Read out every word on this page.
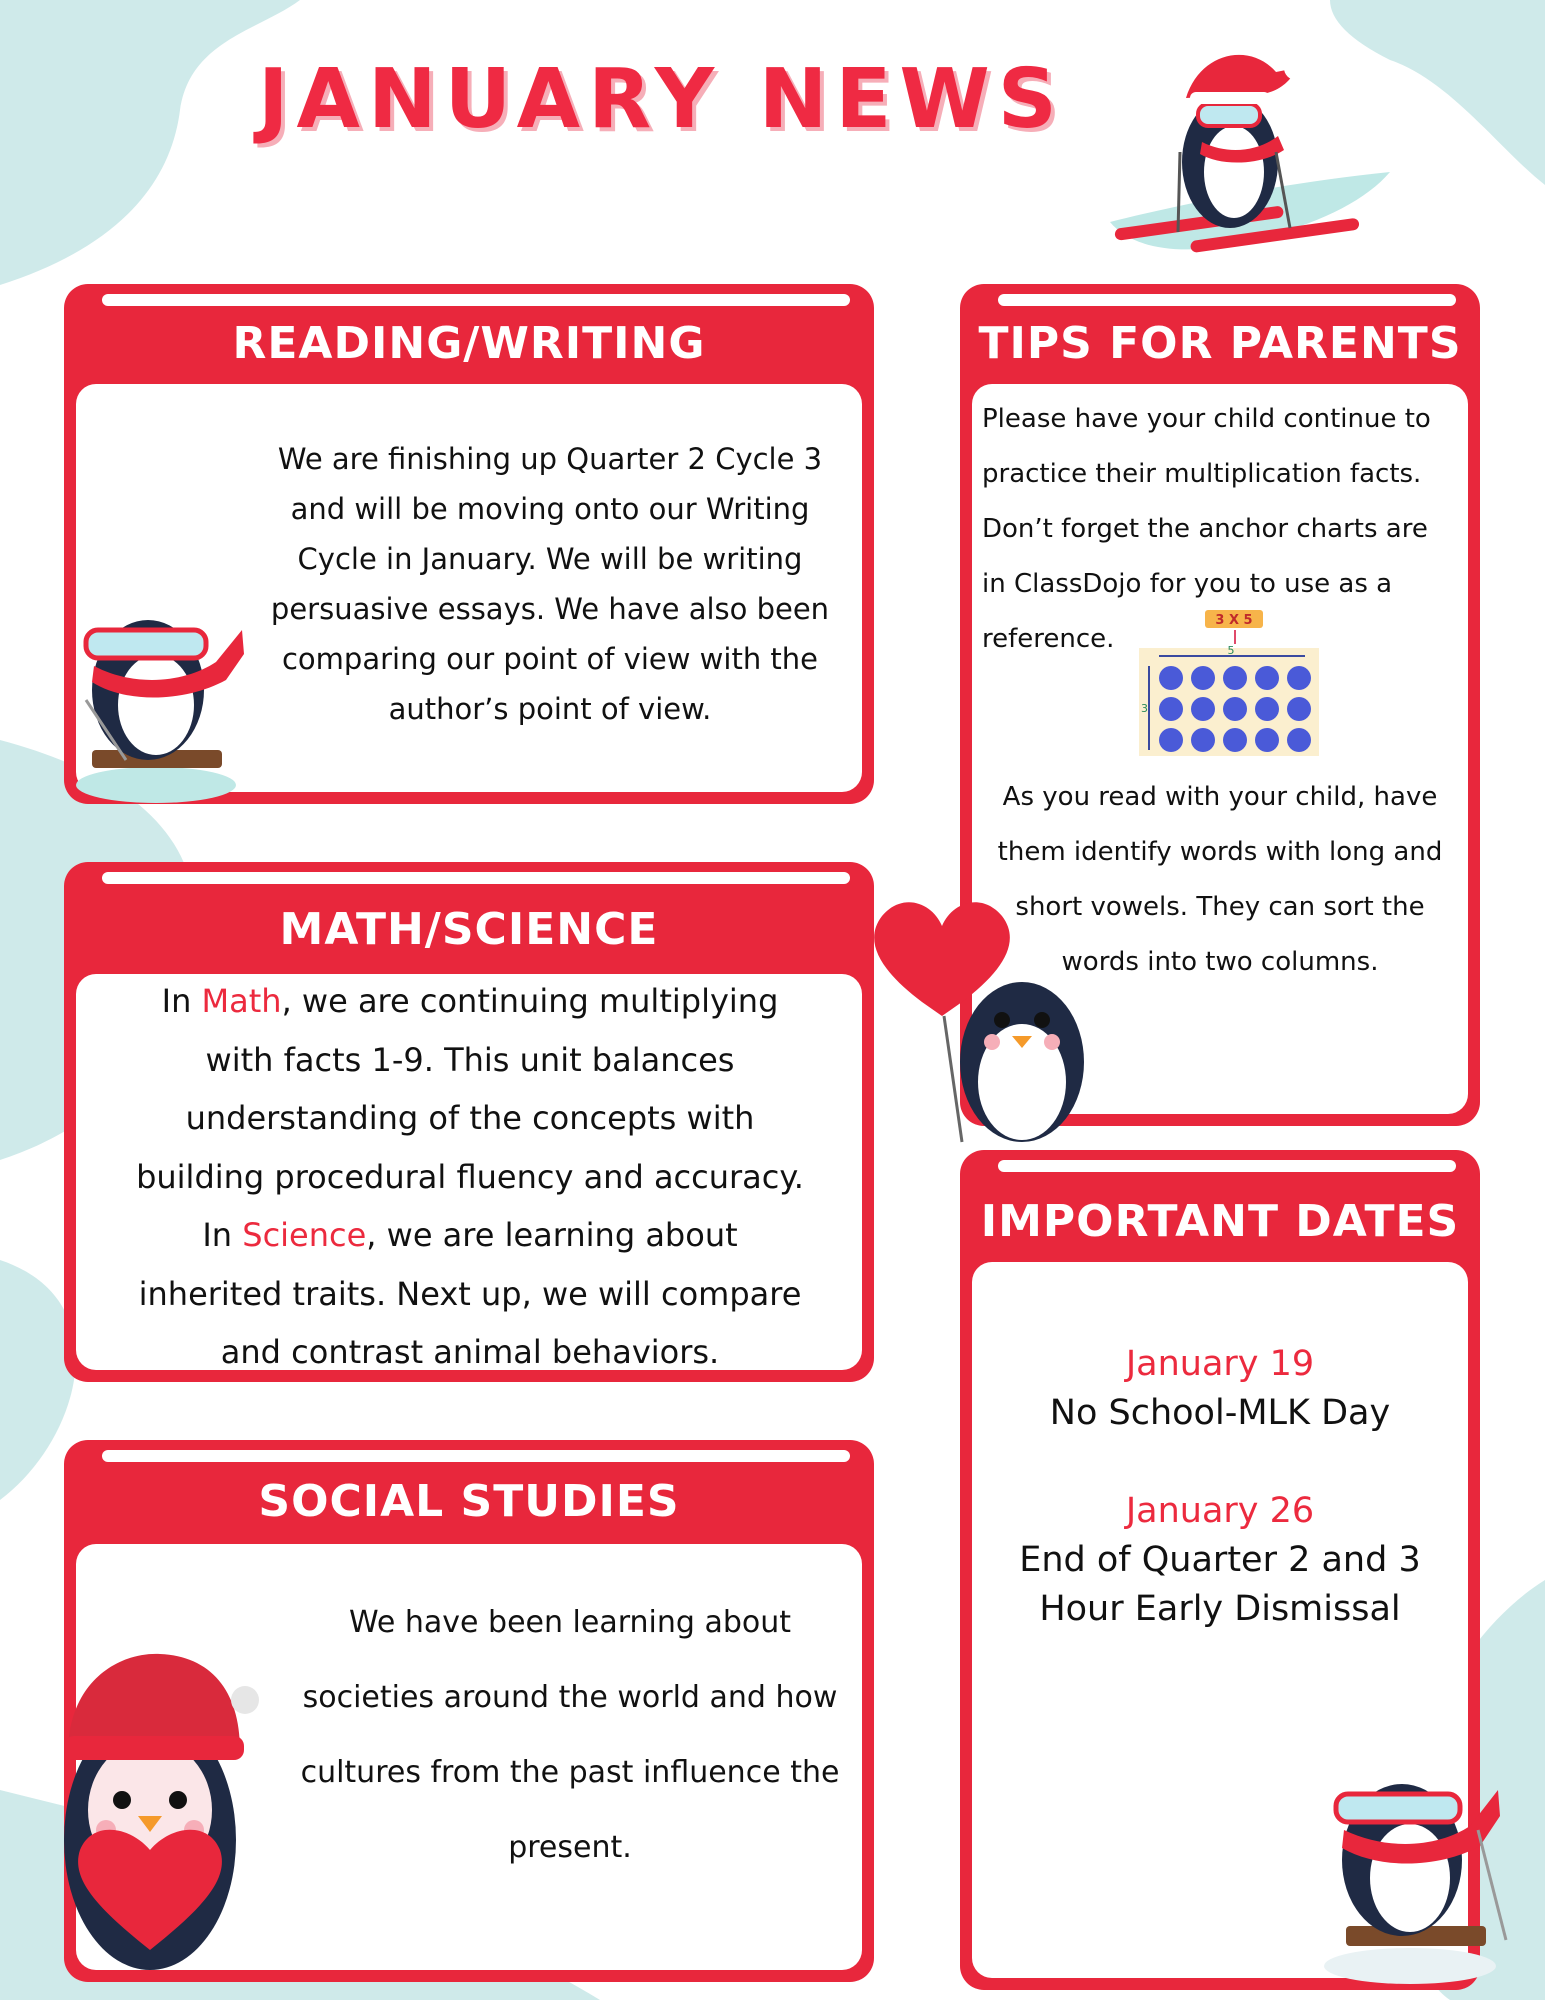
JANUARY NEWS
READING/WRITING
We are finishing up Quarter 2 Cycle 3
and will be moving onto our Writing
Cycle in January. We will be writing
persuasive essays. We have also been
comparing our point of view with the
author’s point of view.
TIPS FOR PARENTS
Please have your child continue to
practice their multiplication facts.
Don’t forget the anchor charts are
in ClassDojo for you to use as a
reference.
3 X 5
5
3
As you read with your child, have
them identify words with long and
short vowels. They can sort the
words into two columns.
MATH/SCIENCE
In Math, we are continuing multiplying
with facts 1-9. This unit balances
understanding of the concepts with
building procedural fluency and accuracy.
In Science, we are learning about
inherited traits. Next up, we will compare
and contrast animal behaviors.
SOCIAL STUDIES
We have been learning about
societies around the world and how
cultures from the past influence the
present.
IMPORTANT DATES
January 19
No School-MLK Day
January 26
End of Quarter 2 and 3
Hour Early Dismissal
